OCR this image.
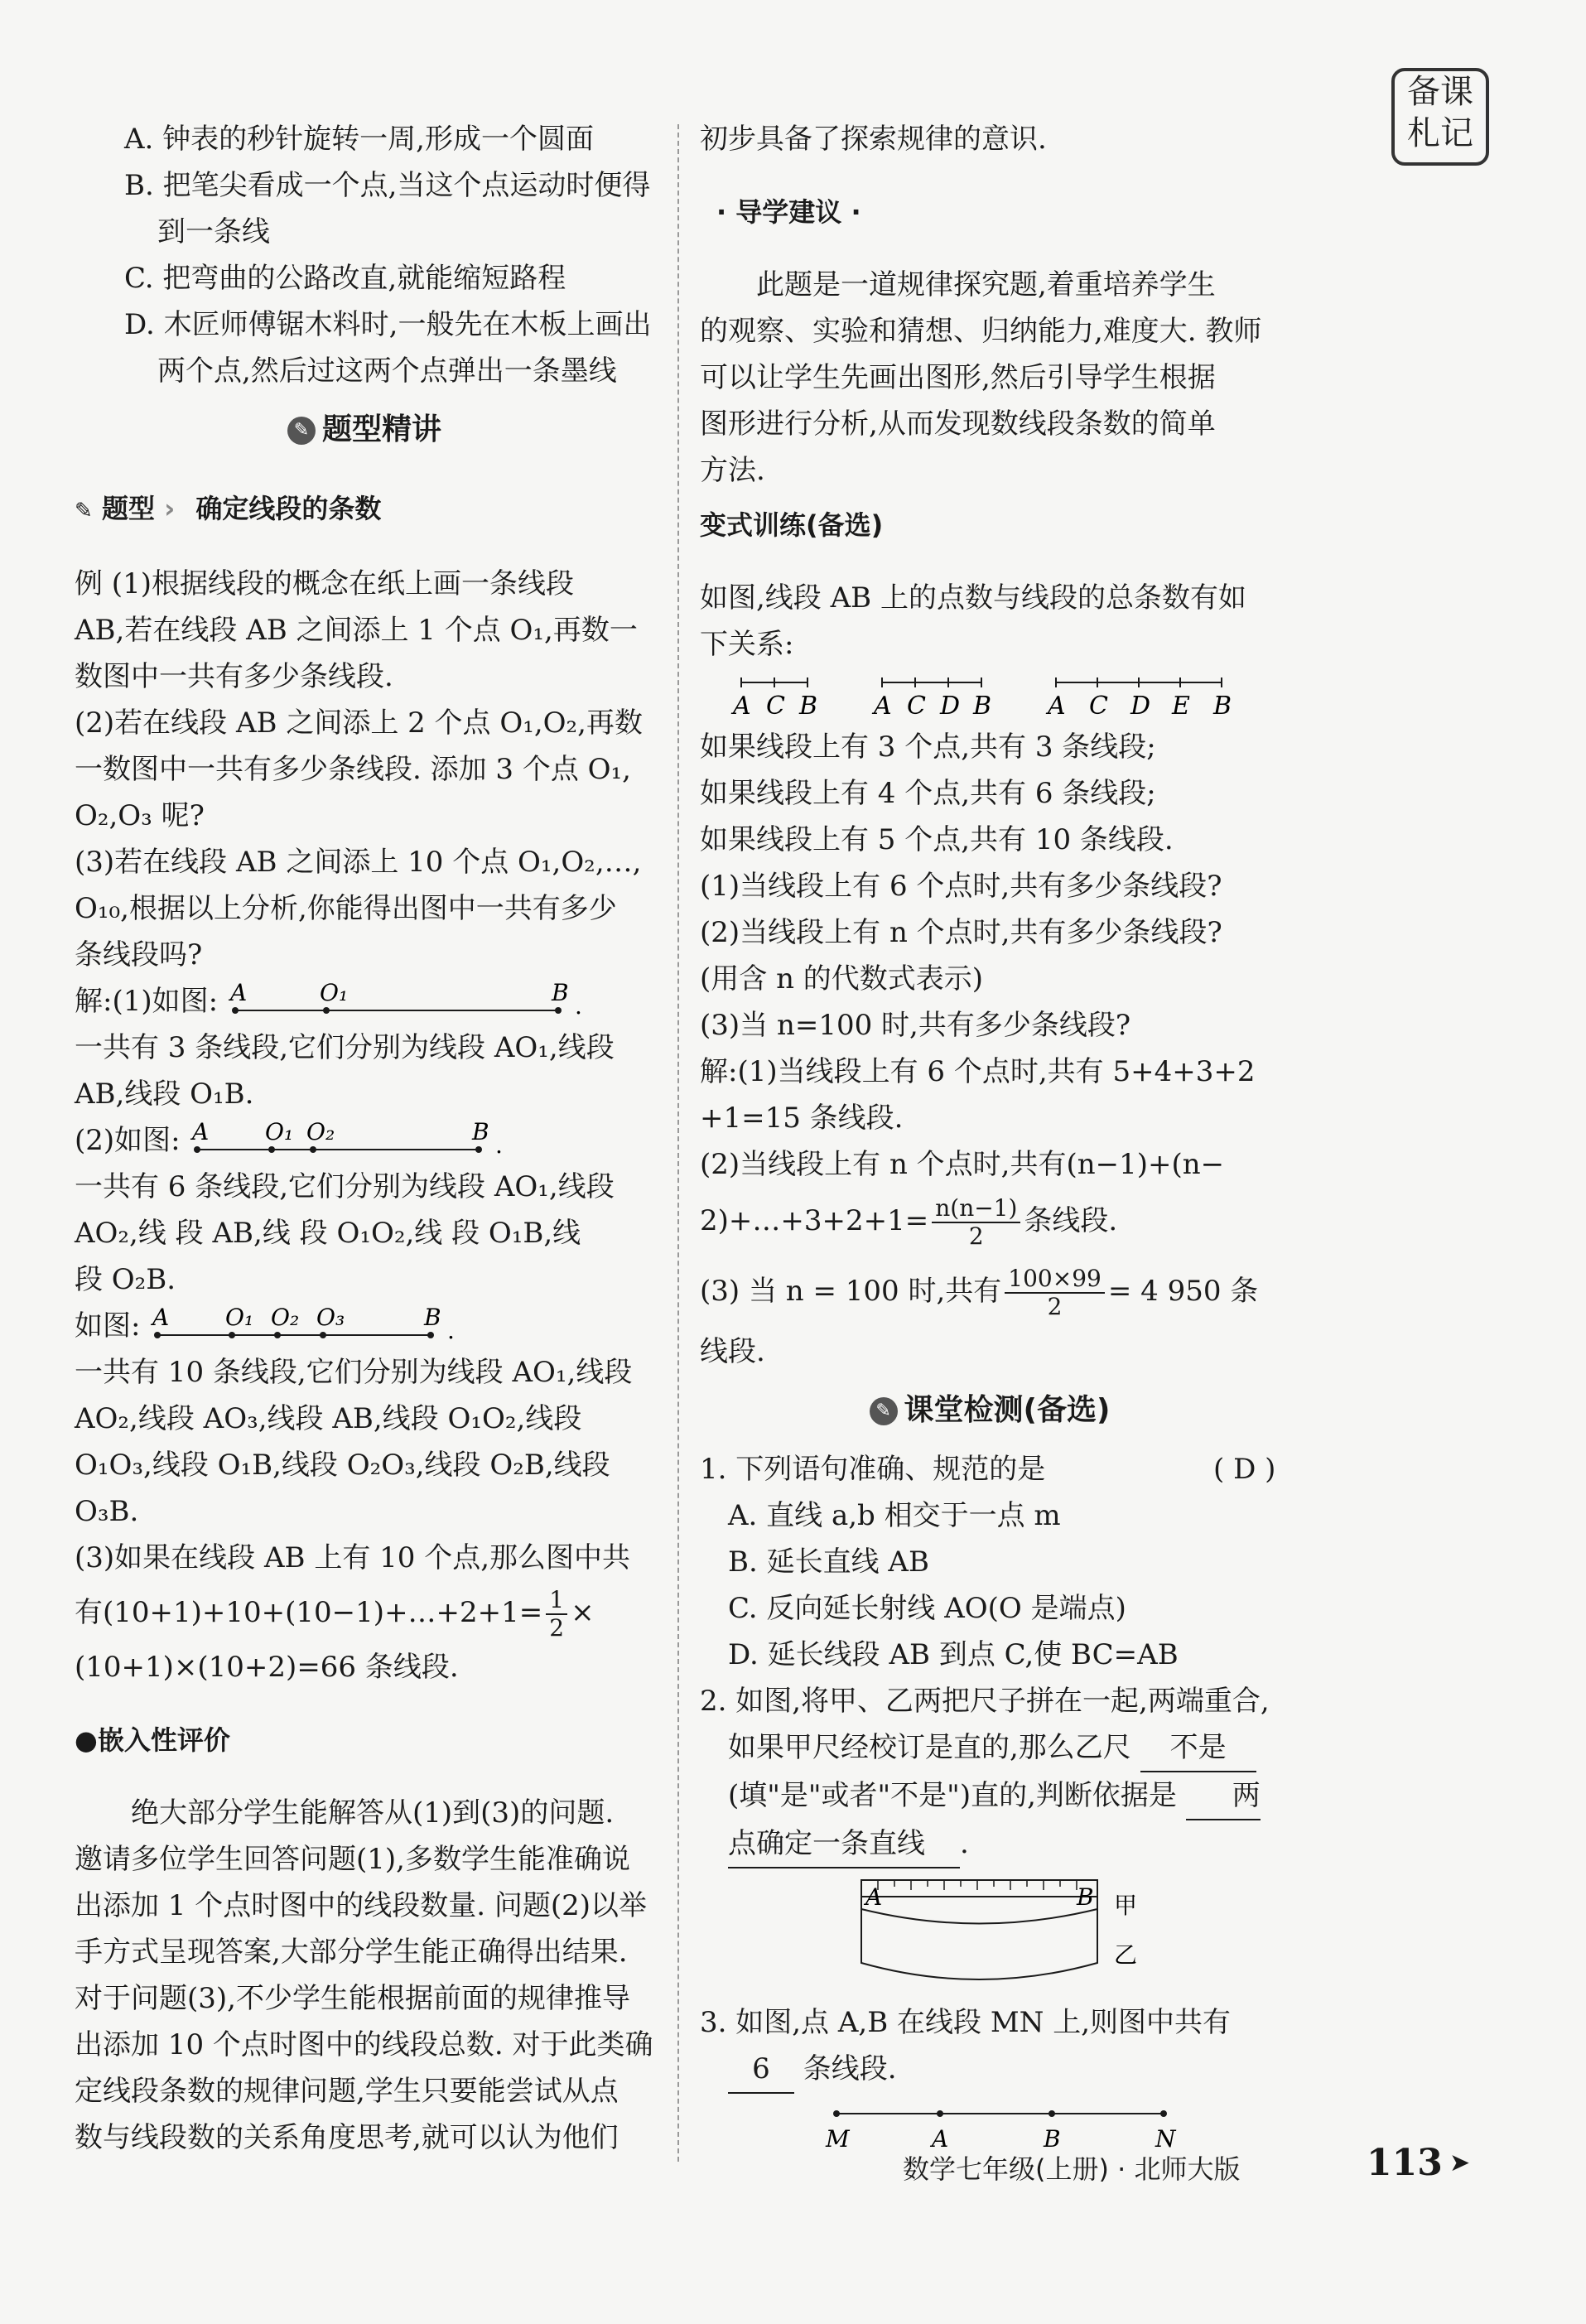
备课
札记

A. 钟表的秒针旋转一周,形成一个圆面

B. 把笔尖看成一个点,当这个点运动时便得

到一条线

C. 把弯曲的公路改直,就能缩短路程

D. 木匠师傅锯木料时,一般先在木板上画出

两个点,然后过这两个点弹出一条墨线

✎ 题型精讲

✎ 题型 › 确定线段的条数

例 (1)根据线段的概念在纸上画一条线段

AB,若在线段 AB 之间添上 1 个点 O₁,再数一

数图中一共有多少条线段.

(2)若在线段 AB 之间添上 2 个点 O₁,O₂,再数

一数图中一共有多少条线段. 添加 3 个点 O₁,

O₂,O₃ 呢?

(3)若在线段 AB 之间添上 10 个点 O₁,O₂,…,

O₁₀,根据以上分析,你能得出图中一共有多少

条线段吗?

解:(1)如图: A	O₁	B .

一共有 3 条线段,它们分别为线段 AO₁,线段

AB,线段 O₁B.

(2)如图: A O₁ O₂	B .

一共有 6 条线段,它们分别为线段 AO₁,线段

AO₂,线 段 AB,线 段 O₁O₂,线 段 O₁B,线

段 O₂B.

如图: A O₁ O₂ O₃	B .

一共有 10 条线段,它们分别为线段 AO₁,线段

AO₂,线段 AO₃,线段 AB,线段 O₁O₂,线段

O₁O₃,线段 O₁B,线段 O₂O₃,线段 O₂B,线段

O₃B.

(3)如果在线段 AB 上有 10 个点,那么图中共

有(10+1)+10+(10−1)+…+2+1= $\frac{1}{2}$ ×

(10+1)×(10+2)=66 条线段.

●嵌入性评价

绝大部分学生能解答从(1)到(3)的问题.

邀请多位学生回答问题(1),多数学生能准确说

出添加 1 个点时图中的线段数量. 问题(2)以举

手方式呈现答案,大部分学生能正确得出结果.

对于问题(3),不少学生能根据前面的规律推导

出添加 10 个点时图中的线段总数. 对于此类确

定线段条数的规律问题,学生只要能尝试从点

数与线段数的关系角度思考,就可以认为他们

初步具备了探索规律的意识.

· 导学建议 ·

此题是一道规律探究题,着重培养学生

的观察、实验和猜想、归纳能力,难度大. 教师

可以让学生先画出图形,然后引导学生根据

图形进行分析,从而发现数线段条数的简单

方法.

变式训练(备选)

如图,线段 AB 上的点数与线段的总条数有如

下关系:

A C B A C D B A C D E B

如果线段上有 3 个点,共有 3 条线段;

如果线段上有 4 个点,共有 6 条线段;

如果线段上有 5 个点,共有 10 条线段.

(1)当线段上有 6 个点时,共有多少条线段?

(2)当线段上有 n 个点时,共有多少条线段?

(用含 n 的代数式表示)

(3)当 n=100 时,共有多少条线段?

解:(1)当线段上有 6 个点时,共有 5+4+3+2

+1=15 条线段.

(2)当线段上有 n 个点时,共有(n−1)+(n−

2)+…+3+2+1= $\frac{n(n-1)}{2}$ 条线段.

(3) 当 n = 100 时,共有 $\frac{100\times 99}{2} = 4$ 950 条

线段.

✎ 课堂检测(备选)

1. 下列语句准确、规范的是	( D )

A. 直线 a,b 相交于一点 m

B. 延长直线 AB

C. 反向延长射线 AO(O 是端点)

D. 延长线段 AB 到点 C,使 BC=AB

2. 如图,将甲、乙两把尺子拼在一起,两端重合,

如果甲尺经校订是直的,那么乙尺 不是

(填"是"或者"不是")直的,判断依据是 两

点确定一条直线 .

A	B 甲
乙

3. 如图,点 A,B 在线段 MN 上,则图中共有

6 条线段.

M	A	B	N
数学七年级(上册) · 北师大版	113 ➤
